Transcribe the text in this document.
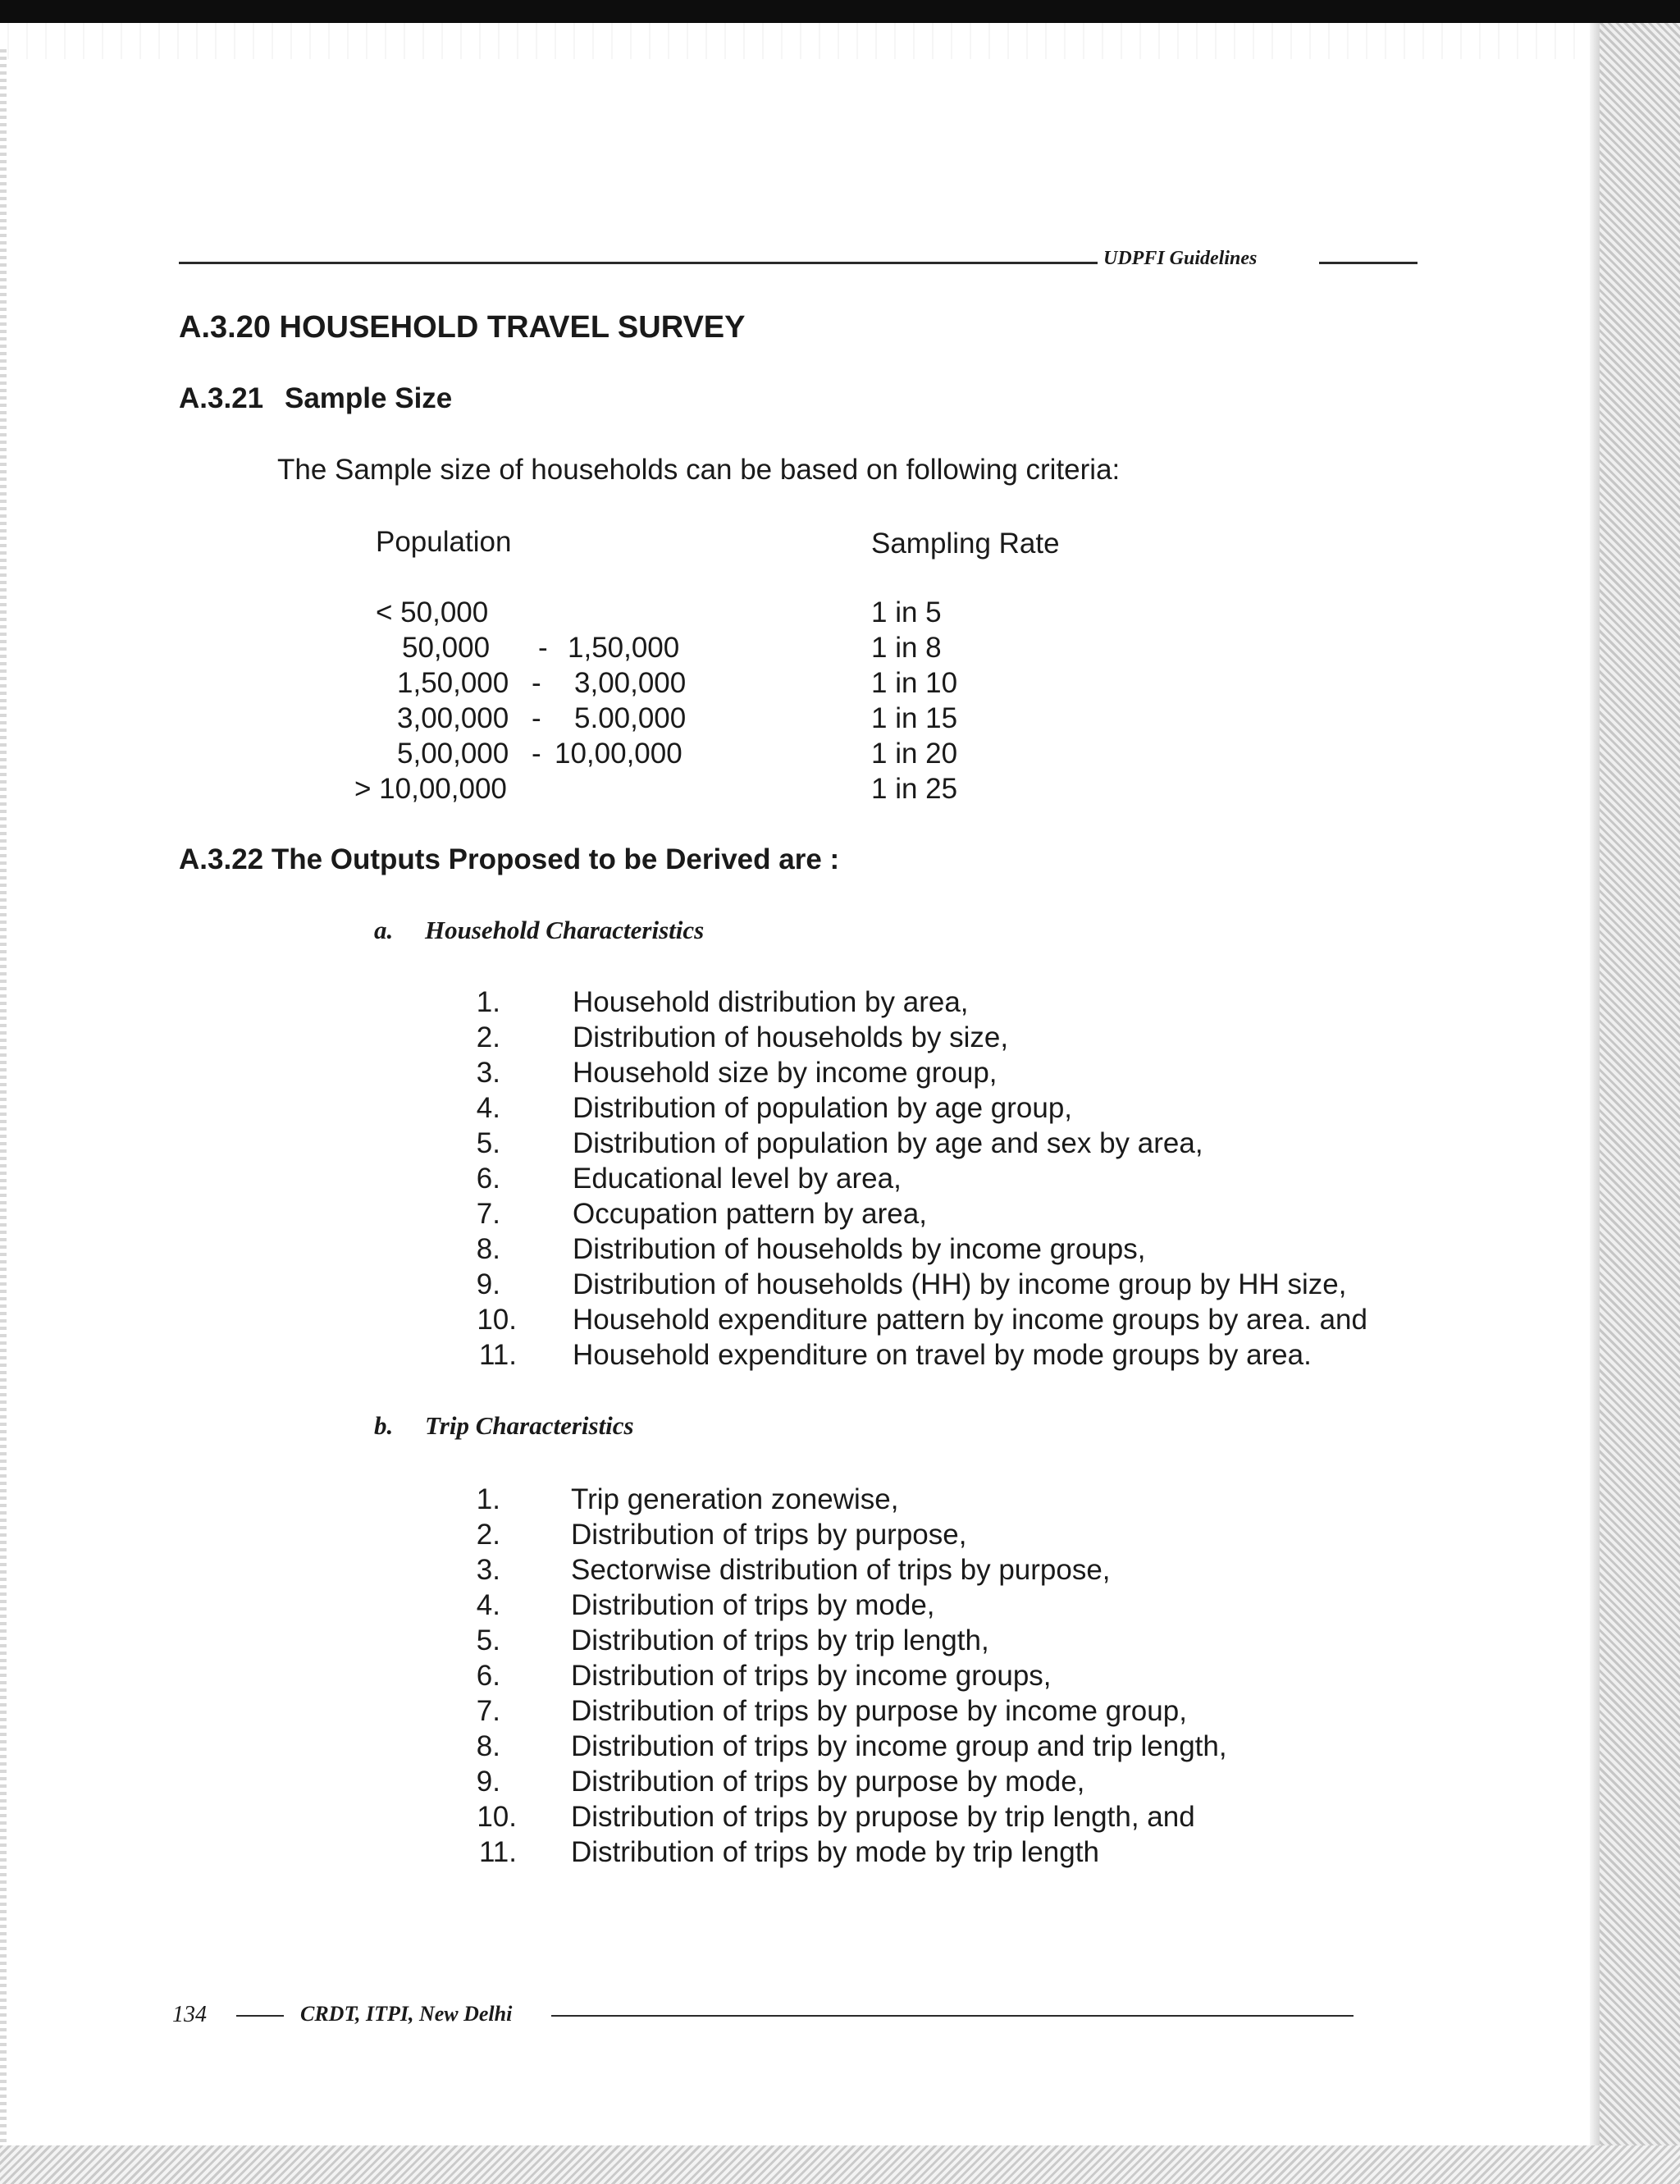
UDPFI Guidelines
A.3.20 HOUSEHOLD TRAVEL SURVEY
A.3.21 Sample Size
The Sample size of households can be based on following criteria:
Population	Sampling Rate
< 50,000	1 in 5
50,000 - 1,50,000	1 in 8
1,50,000 - 3,00,000	1 in 10
3,00,000 - 5.00,000	1 in 15
5,00,000 - 10,00,000	1 in 20
> 10,00,000	1 in 25
A.3.22 The Outputs Proposed to be Derived are :
a. Household Characteristics
1.	Household distribution by area,
2.	Distribution of households by size,
3.	Household size by income group,
4.	Distribution of population by age group,
5.	Distribution of population by age and sex by area,
6.	Educational level by area,
7.	Occupation pattern by area,
8.	Distribution of households by income groups,
9.	Distribution of households (HH) by income group by HH size,
10. Household expenditure pattern by income groups by area. and
11. Household expenditure on travel by mode groups by area.
b. Trip Characteristics
1. Trip generation zonewise,
2. Distribution of trips by purpose,
3. Sectorwise distribution of trips by purpose,
4. Distribution of trips by mode,
5. Distribution of trips by trip length,
6. Distribution of trips by income groups,
7. Distribution of trips by purpose by income group,
8. Distribution of trips by income group and trip length,
9. Distribution of trips by purpose by mode,
10. Distribution of trips by prupose by trip length, and
11. Distribution of trips by mode by trip length
134	CRDT, ITPI, New Delhi
